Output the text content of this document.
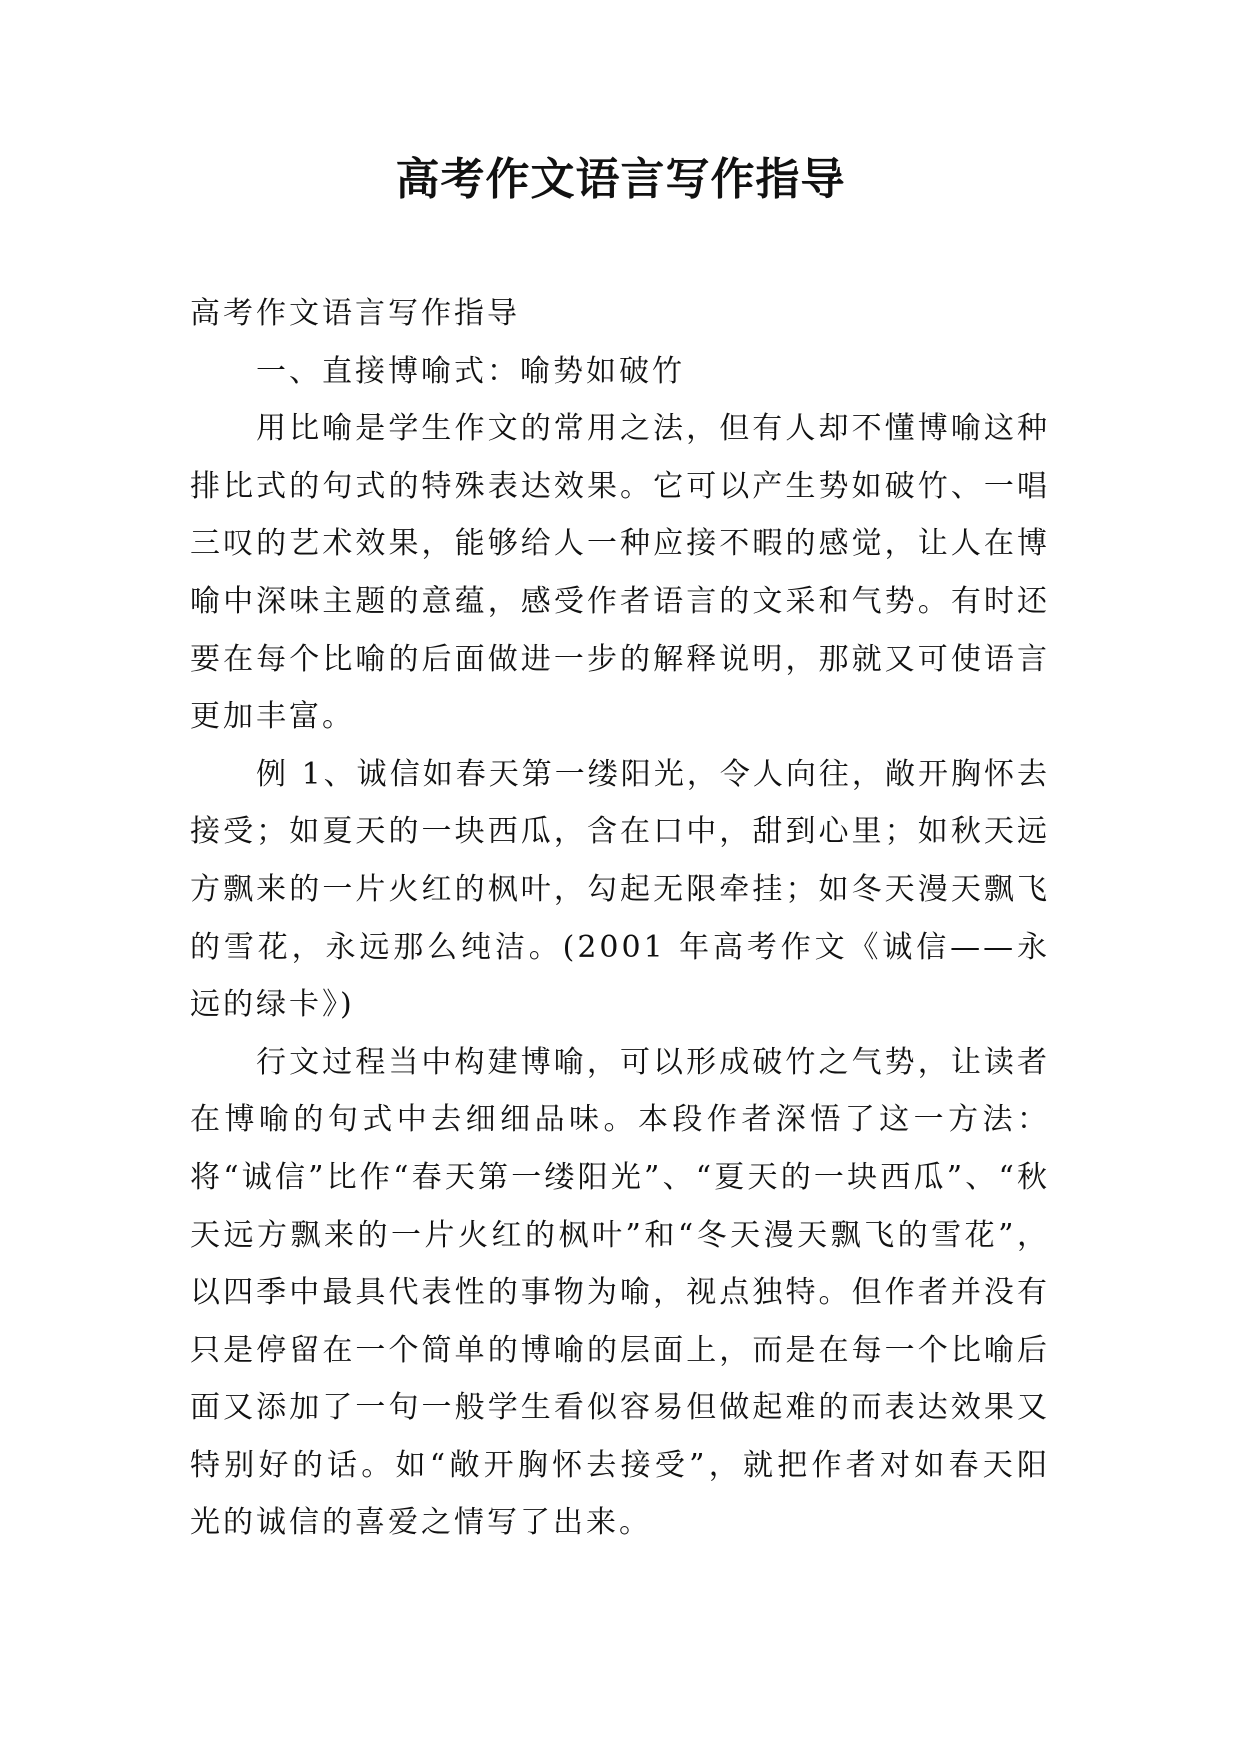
高考作文语言写作指导

高考作文语言写作指导

一、直接博喻式：喻势如破竹

用比喻是学生作文的常用之法，但有人却不懂博喻这种排比式的句式的特殊表达效果。它可以产生势如破竹、一唱三叹的艺术效果，能够给人一种应接不暇的感觉，让人在博喻中深味主题的意蕴，感受作者语言的文采和气势。有时还要在每个比喻的后面做进一步的解释说明，那就又可使语言更加丰富。

例 1、诚信如春天第一缕阳光，令人向往，敞开胸怀去接受；如夏天的一块西瓜，含在口中，甜到心里；如秋天远方飘来的一片火红的枫叶，勾起无限牵挂；如冬天漫天飘飞的雪花，永远那么纯洁。(2001 年高考作文《诚信——永远的绿卡》)

行文过程当中构建博喻，可以形成破竹之气势，让读者在博喻的句式中去细细品味。本段作者深悟了这一方法：将“诚信”比作“春天第一缕阳光”、“夏天的一块西瓜”、“秋天远方飘来的一片火红的枫叶”和“冬天漫天飘飞的雪花”，以四季中最具代表性的事物为喻，视点独特。但作者并没有只是停留在一个简单的博喻的层面上，而是在每一个比喻后面又添加了一句一般学生看似容易但做起难的而表达效果又特别好的话。如“敞开胸怀去接受”，就把作者对如春天阳光的诚信的喜爱之情写了出来。
